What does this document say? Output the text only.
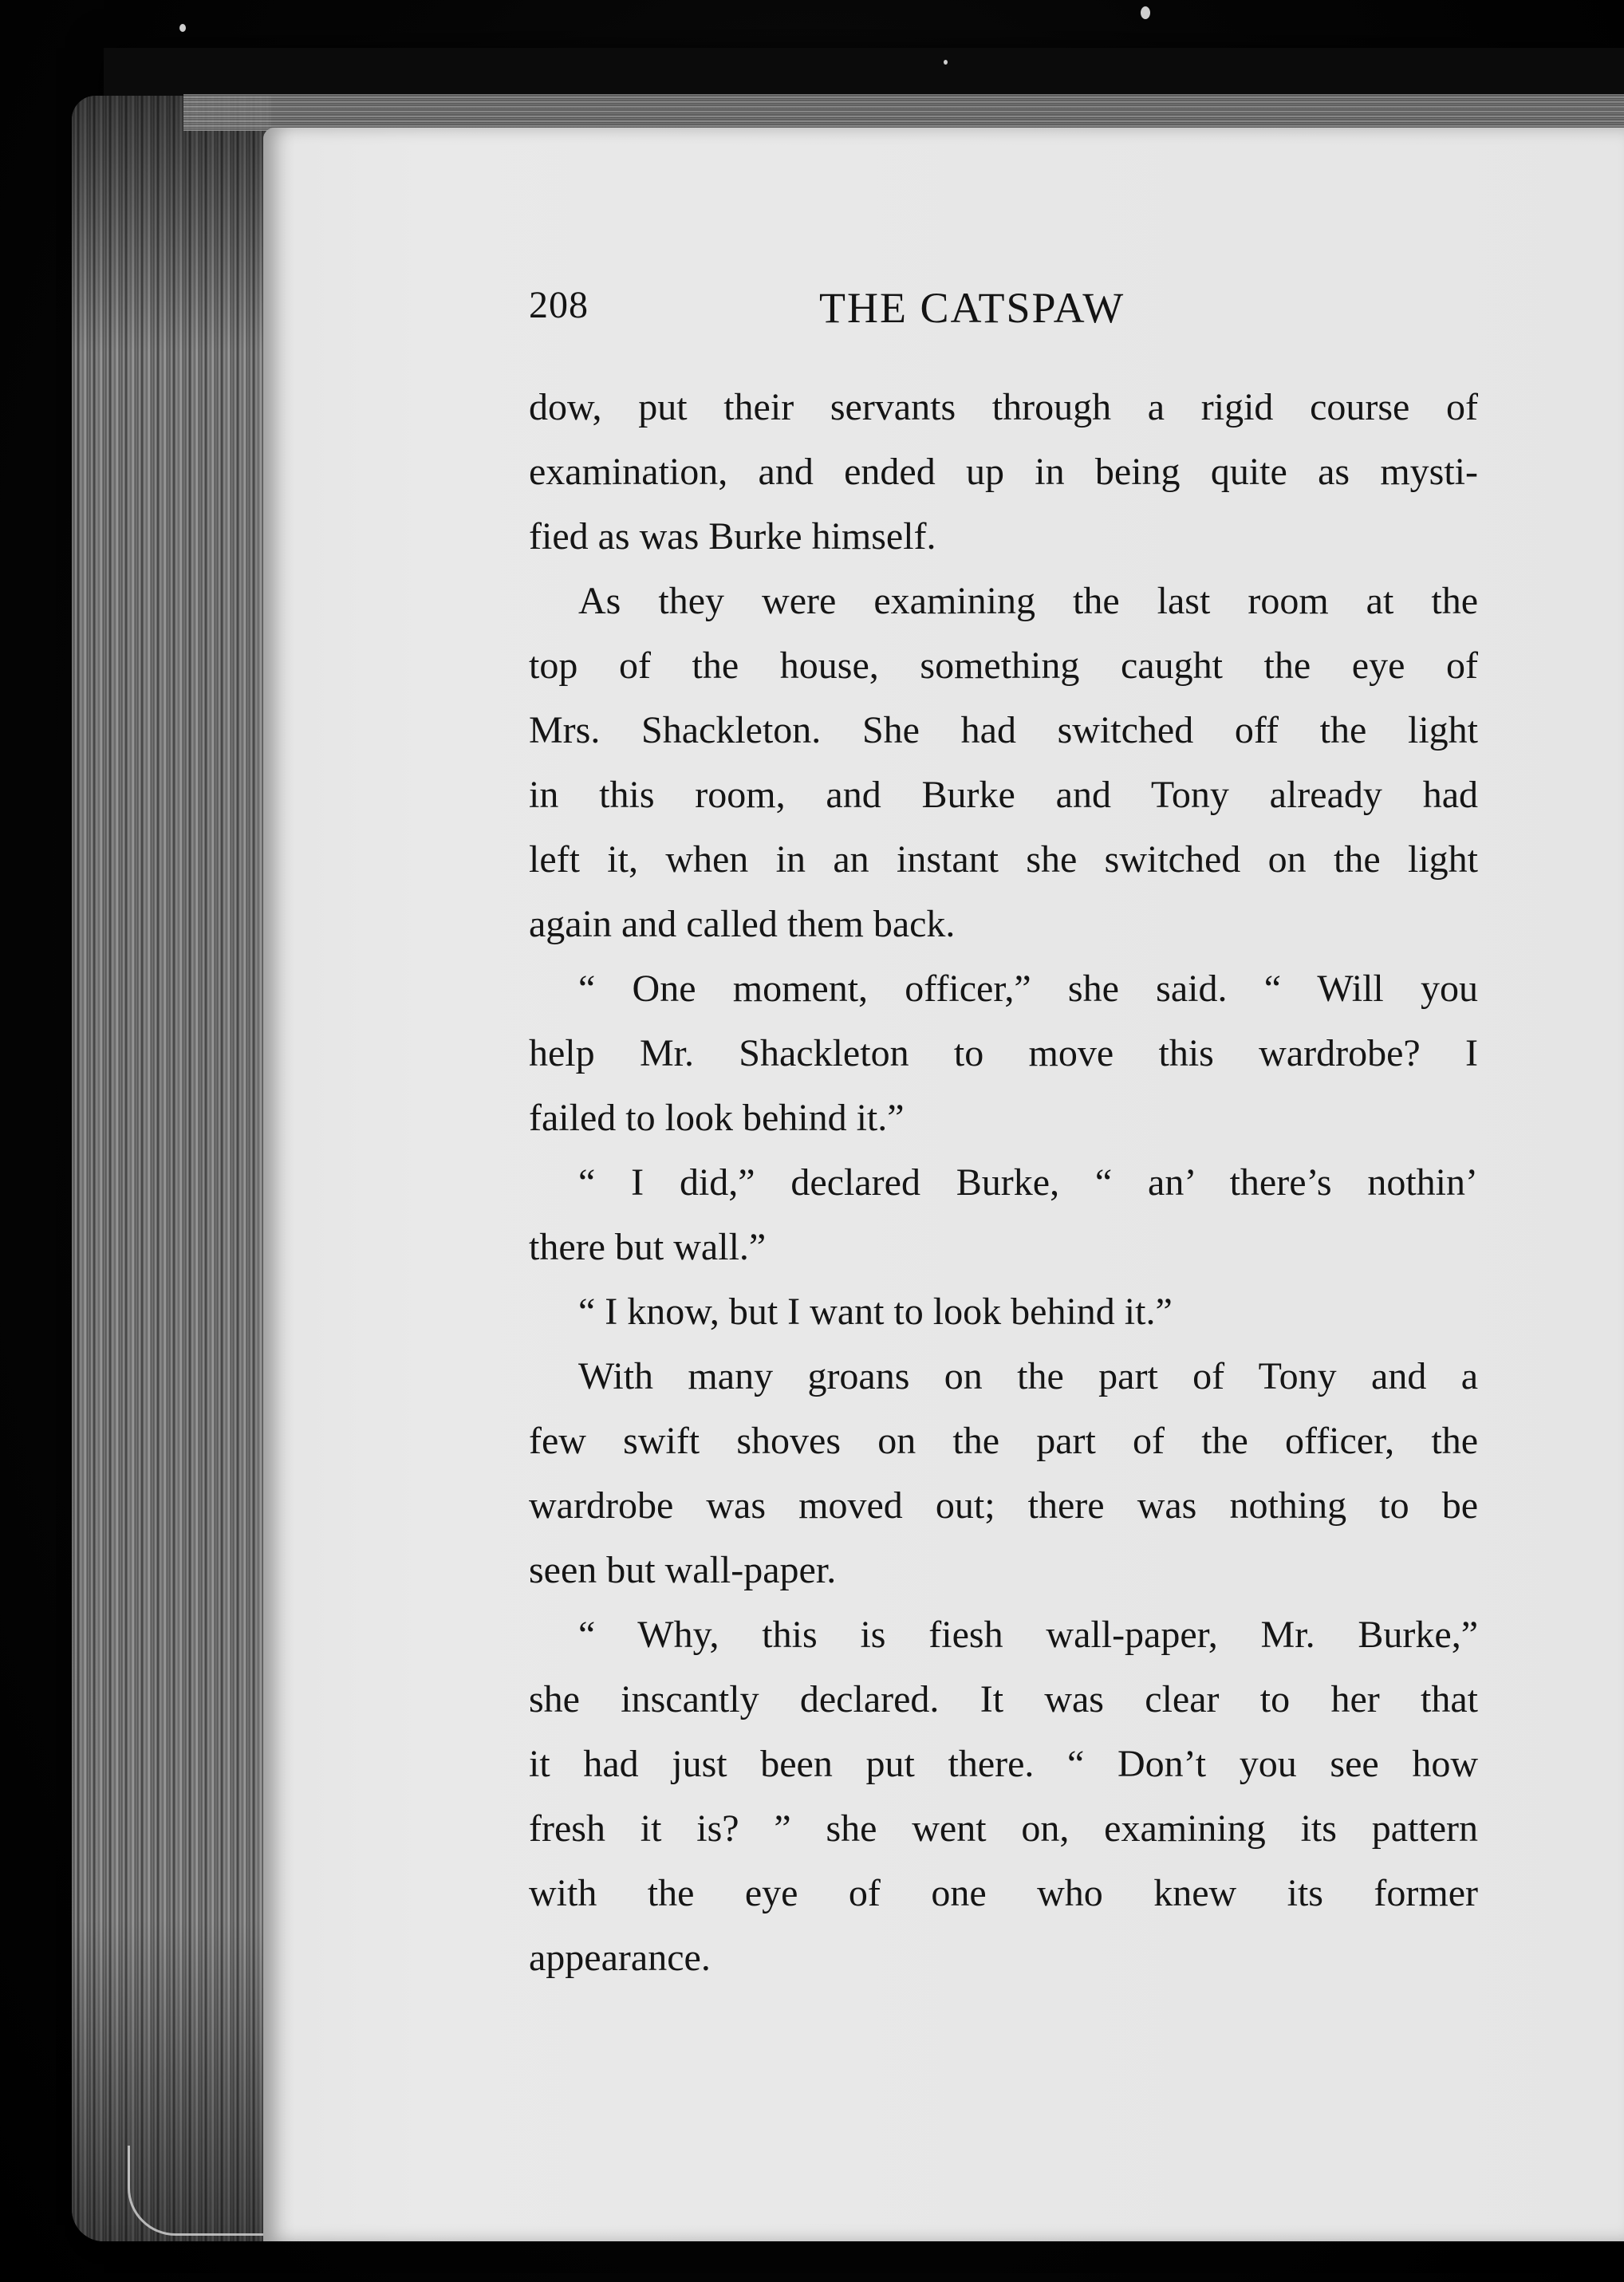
208	THE CATSPAW
dow, put their servants through a rigid course of
examination, and ended up in being quite as mysti-
fied as was Burke himself.
As they were examining the last room at the
top of the house, something caught the eye of
Mrs. Shackleton. She had switched off the light
in this room, and Burke and Tony already had
left it, when in an instant she switched on the light
again and called them back.
“ One moment, officer,” she said. “ Will you
help Mr. Shackleton to move this wardrobe? I
failed to look behind it.”
“ I did,” declared Burke, “ an’ there’s nothin’
there but wall.”
“ I know, but I want to look behind it.”
With many groans on the part of Tony and a
few swift shoves on the part of the officer, the
wardrobe was moved out; there was nothing to be
seen but wall-paper.
“ Why, this is fiesh wall-paper, Mr. Burke,”
she inscantly declared. It was clear to her that
it had just been put there. “ Don’t you see how
fresh it is? ” she went on, examining its pattern
with the eye of one who knew its former
appearance.
